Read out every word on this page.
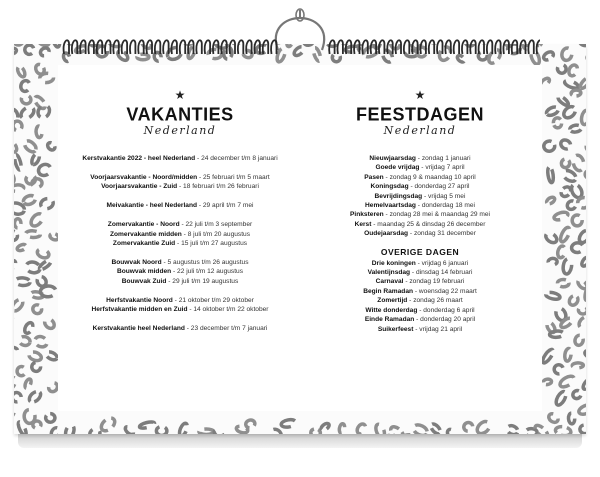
★
VAKANTIES
Nederland
Kerstvakantie 2022 - heel Nederland - 24 december t/m 8 januari
Voorjaarsvakantie - Noord/midden - 25 februari t/m 5 maart
Voorjaarsvakantie - Zuid - 18 februari t/m 26 februari
Meivakantie - heel Nederland - 29 april t/m 7 mei
Zomervakantie - Noord - 22 juli t/m 3 september
Zomervakantie midden - 8 juli t/m 20 augustus
Zomervakantie Zuid - 15 juli t/m 27 augustus
Bouwvak Noord - 5 augustus t/m 26 augustus
Bouwvak midden - 22 juli t/m 12 augustus
Bouwvak Zuid - 29 juli t/m 19 augustus
Herfstvakantie Noord - 21 oktober t/m 29 oktober
Herfstvakantie midden en Zuid - 14 oktober t/m 22 oktober
Kerstvakantie heel Nederland - 23 december t/m 7 januari
★
FEESTDAGEN
Nederland
Nieuwjaarsdag - zondag 1 januari
Goede vrijdag - vrijdag 7 april
Pasen - zondag 9 & maandag 10 april
Koningsdag - donderdag 27 april
Bevrijdingsdag - vrijdag 5 mei
Hemelvaartsdag - donderdag 18 mei
Pinksteren - zondag 28 mei & maandag 29 mei
Kerst - maandag 25 & dinsdag 26 december
Oudejaarsdag - zondag 31 december
OVERIGE DAGEN
Drie koningen - vrijdag 6 januari
Valentijnsdag - dinsdag 14 februari
Carnaval - zondag 19 februari
Begin Ramadan - woensdag 22 maart
Zomertijd - zondag 26 maart
Witte donderdag - donderdag 6 april
Einde Ramadan - donderdag 20 april
Suikerfeest - vrijdag 21 april
